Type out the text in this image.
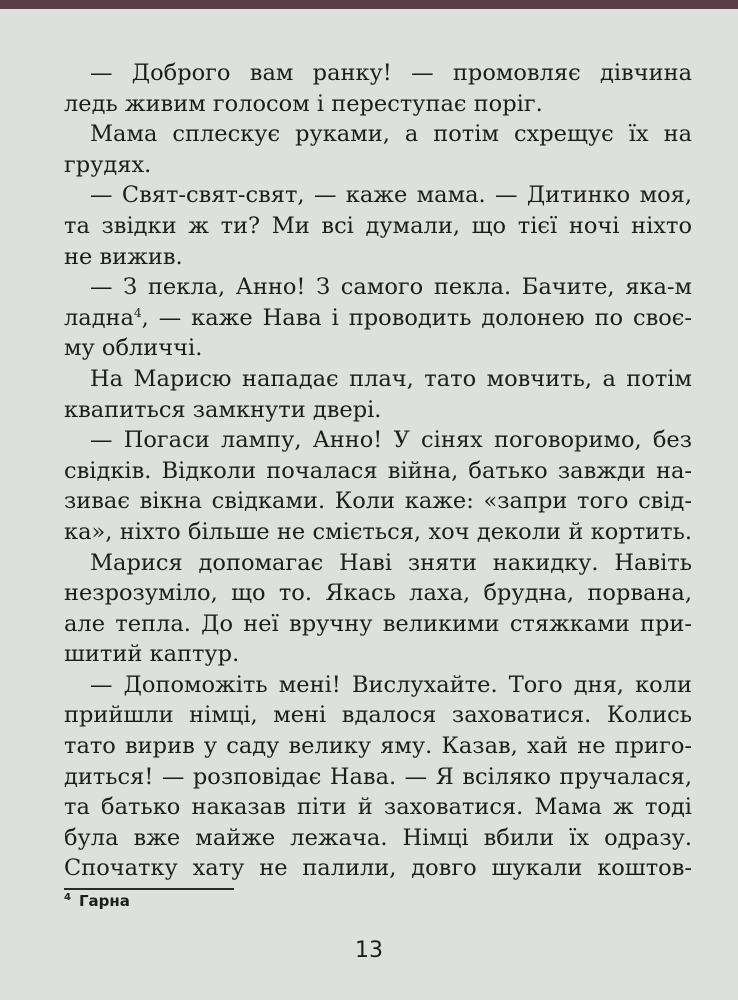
— Доброго вам ранку! — промовляє дівчина
ледь живим голосом і переступає поріг.
Мама сплескує руками, а потім схрещує їх на
грудях.
— Свят-свят-свят, — каже мама. — Дитинко моя,
та звідки ж ти? Ми всі думали, що тієї ночі ніхто
не вижив.
— З пекла, Анно! З самого пекла. Бачите, яка-м
ладна$^4$, — каже Нава і проводить долонею по своє-
му обличчі.
На Марисю нападає плач, тато мовчить, а потім
квапиться замкнути двері.
— Погаси лампу, Анно! У сінях поговоримо, без
свідків. Відколи почалася війна, батько завжди на-
зиває вікна свідками. Коли каже: «запри того свід-
ка», ніхто більше не сміється, хоч деколи й кортить.
Марися допомагає Наві зняти накидку. Навіть
незрозуміло, що то. Якась лаха, брудна, порвана,
але тепла. До неї вручну великими стяжками при-
шитий каптур.
— Допоможіть мені! Вислухайте. Того дня, коли
прийшли німці, мені вдалося заховатися. Колись
тато вирив у саду велику яму. Казав, хай не приго-
диться! — розповідає Нава. — Я всіляко пручалася,
та батько наказав піти й заховатися. Мама ж тоді
була вже майже лежача. Німці вбили їх одразу.
Спочатку хату не палили, довго шукали коштов-
$^4$ Гарна
13
